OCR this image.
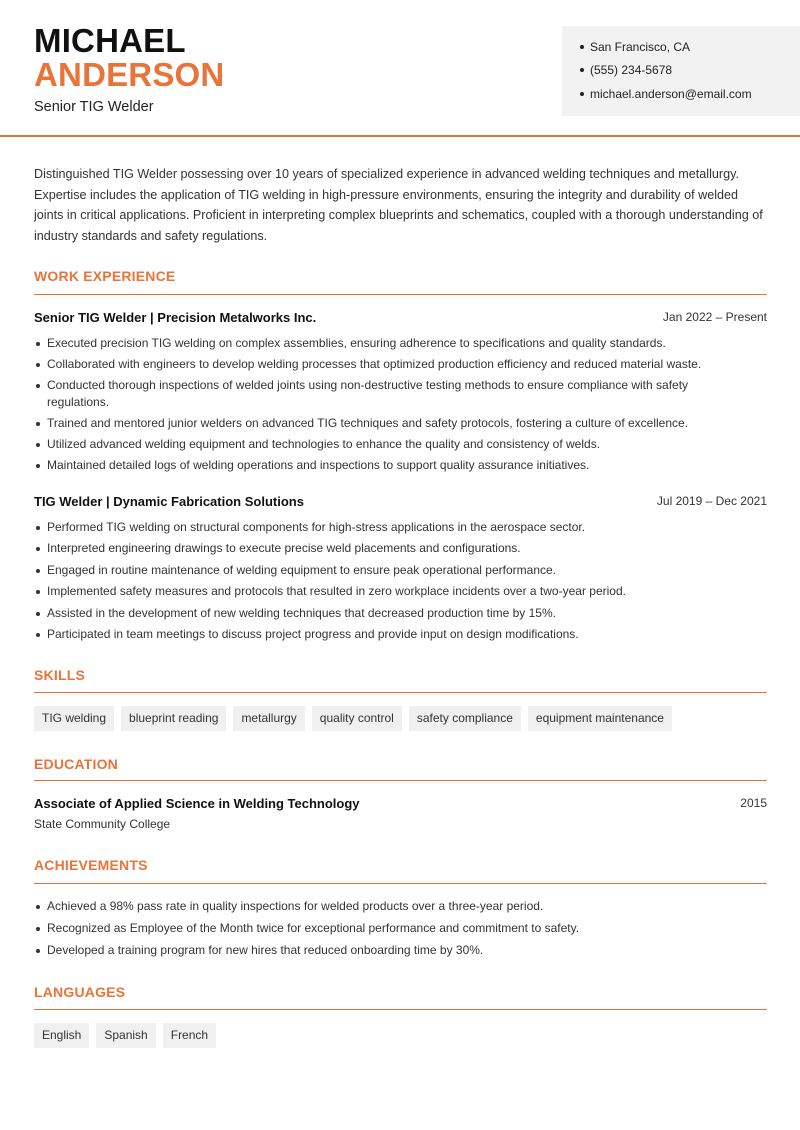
MICHAEL
ANDERSON
Senior TIG Welder
San Francisco, CA
(555) 234-5678
michael.anderson@email.com
Distinguished TIG Welder possessing over 10 years of specialized experience in advanced welding techniques and metallurgy. Expertise includes the application of TIG welding in high-pressure environments, ensuring the integrity and durability of welded joints in critical applications. Proficient in interpreting complex blueprints and schematics, coupled with a thorough understanding of industry standards and safety regulations.
WORK EXPERIENCE
Senior TIG Welder | Precision Metalworks Inc.	Jan 2022 – Present
Executed precision TIG welding on complex assemblies, ensuring adherence to specifications and quality standards.
Collaborated with engineers to develop welding processes that optimized production efficiency and reduced material waste.
Conducted thorough inspections of welded joints using non-destructive testing methods to ensure compliance with safety regulations.
Trained and mentored junior welders on advanced TIG techniques and safety protocols, fostering a culture of excellence.
Utilized advanced welding equipment and technologies to enhance the quality and consistency of welds.
Maintained detailed logs of welding operations and inspections to support quality assurance initiatives.
TIG Welder | Dynamic Fabrication Solutions	Jul 2019 – Dec 2021
Performed TIG welding on structural components for high-stress applications in the aerospace sector.
Interpreted engineering drawings to execute precise weld placements and configurations.
Engaged in routine maintenance of welding equipment to ensure peak operational performance.
Implemented safety measures and protocols that resulted in zero workplace incidents over a two-year period.
Assisted in the development of new welding techniques that decreased production time by 15%.
Participated in team meetings to discuss project progress and provide input on design modifications.
SKILLS
TIG welding	blueprint reading	metallurgy	quality control	safety compliance	equipment maintenance
EDUCATION
Associate of Applied Science in Welding Technology	2015
State Community College
ACHIEVEMENTS
Achieved a 98% pass rate in quality inspections for welded products over a three-year period.
Recognized as Employee of the Month twice for exceptional performance and commitment to safety.
Developed a training program for new hires that reduced onboarding time by 30%.
LANGUAGES
English	Spanish	French
